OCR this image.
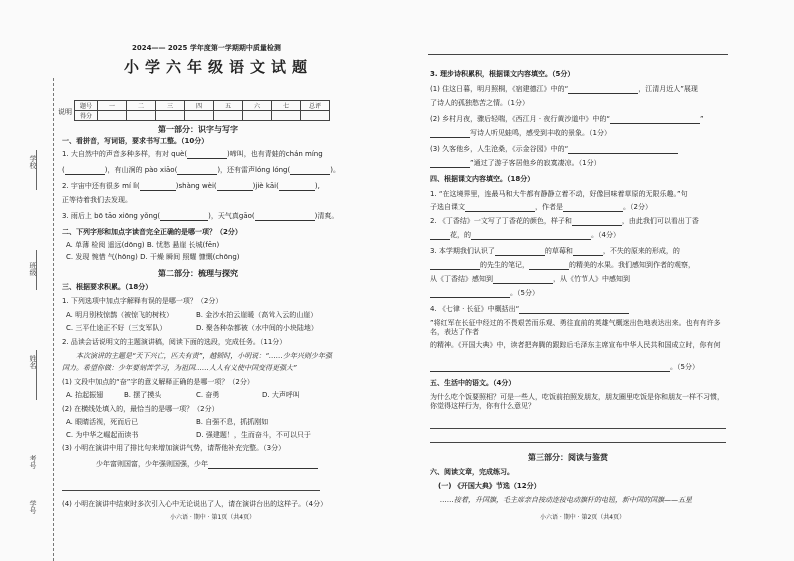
学校
班级
姓名
考号
学号
2024—— 2025 学年度第一学期期中质量检测
小学六年级语文试题
说明
题号	一	二	三	四	五	六	七	总评
得分								
第一部分：识字与写字
一、看拼音，写词语，要求书写工整。（10分）
1. 大自然中的声音多种多样，有对 què(	)啼叫，也有青蛙的chán míng
(	)，有山涧的 pào xiāo(	)，还有雷声lóng lóng(	)。
2. 宇宙中还有很多 mí lì(	)shàng wèi(	)jiè kāi(	),
正等待着我们去发现。
3. 雨后上 bō tāo xiōng yǒng(	)，天气真gāo(	)清爽。
二、下列字形和加点字读音完全正确的是哪一项？（2分）
A. 单薄 检阅 遥远(dōng) B. 忧愁 悬崖 长城(fēn)
C. 发现 惋惜 气(hōng) D. 干燥 瞬间 照耀 慷慨(chōng)
第二部分：梳理与探究
三、根据要求积累。（18分）
1. 下列选项中加点字解释有误的是哪一项？（2分）
A. 明月别枝惊鹊（被惊飞的树枝）	B. 金沙水拍云崖暖（高耸入云的山崖）
C. 三平仕途正不好（三支军队）	D. 聚各种杂都被（水中间的小块陆地）
2. 品读会话说明文的主题演讲稿，阅读下面的选段，完成任务。（11分）
本次演讲的主题是“天下兴亡，匹夫有责”，越锁时，小明说：“……少年兴则少年强
国力。希望你做：少年要刻苦学习，为祖国……人人有义使中国变得更强大”
(1) 文段中加点的“奋”字的意义解释正确的是哪一项？（2分）
A. 抬起振翅	B. 摆了摸头	C. 奋勇	D. 大声呼叫
(2) 在横线处填入的，最恰当的是哪一项？（2分）
A. 眼睛活视，死而后已	B. 自强不息，抓抓刚如
C. 为中华之崛起而读书	D. 强建题！，生而奋斗，不可以只于
(3) 小明在演讲中用了排比句来增加演讲气势，请帮他补充完整。（3分）
少年富则国富，少年强则国强，少年
(4) 小明在演讲中结束时多次引入心中无论说出了人，请在演讲台出的这样子。（4分）
小六语 · 期中 · 第1页（共4页）
3. 理步诗积累积，根据课文内容填空。（5分）
(1) 住这日暮，明月照桐，《宿建德江》中的“	，江清月近人”展现
了诗人的孤独愁苦之情。（1分）
(2) 乡村月夜，骤后轻喘，《西江月 · 夜行黄沙道中》中的“	”
写诗人听见蛙鸣，感受到丰收的景象。（1分）
(3) 久客他乡，人生沧桑，《示金谷园》中的“
”通过了游子客居他乡的寂寞凄凉。（1分）
四、根据课文内容填空。（18分）
1. “在这境界里，连最马和大牛都有静静立着不动，好像回味着草原的无限乐趣。”句
子选自课文	，作者是	。（2分）
2. 《丁香结》一文写了丁香花的颜色，样子和	，由此我们可以看出丁香
花，的	。（4分）
3. 本学期我们认识了	的草莓和	，不失的原来的形成，的
的先生的笔记，	的精美的水果。我们感知到作者的观察，
从《丁香结》感知到	，从《竹节人》中感知到
。（5分）
4. 《七律 · 长征》中概括出“
”将红军在长征中经过的不畏艰苦而乐观、勇往直前的英雄气概迷出色地表达出来。也有有许多名，表达了作者
的精神。《开国大典》中，读者把奔腾的跟踪后毛泽东主席宣布中华人民共和国成立时，你有何
。（5分）
五、生活中的语文。（4分）
为什么吃个饭要照相？可是一些人，吃饭前拍照发朋友，朋友圈里吃饭是你和朋友一样不习惯，你觉得这样行为，你有什么意见？
第三部分：阅读与鉴赏
六、阅读文章，完成练习。
(一) 《开国大典》节选（12分）
……接着，升国旗，毛主席亲自按动连接电动旗杆的电钮，新中国的国旗——五星
小六语 · 期中 · 第2页（共4页）
